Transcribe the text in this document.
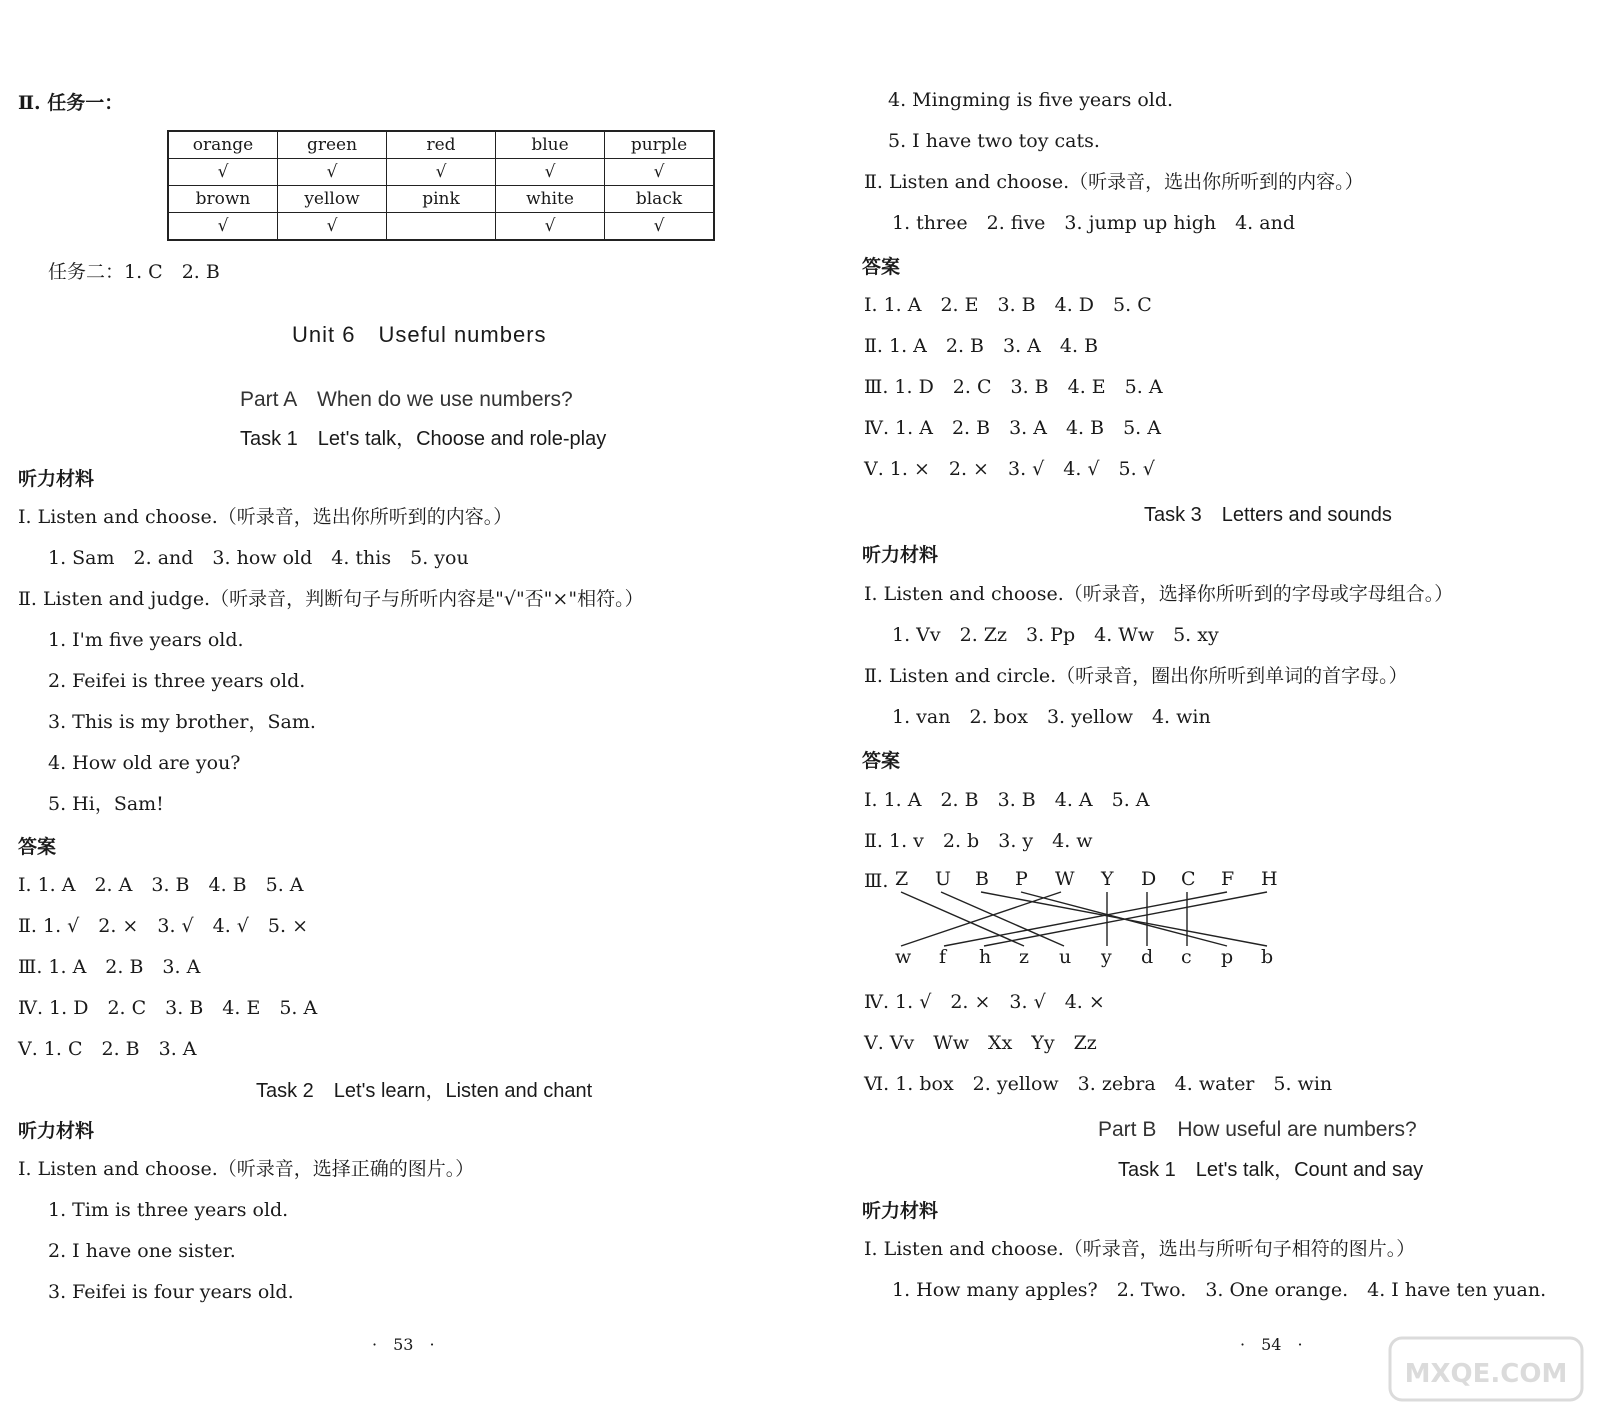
Ⅱ. 任务一：
orange	green	red	blue	purple
√	√	√	√	√
brown	yellow	pink	white	black
√	√		√	√
任务二：1. C　2. B
Unit 6　Useful numbers
Part A　When do we use numbers?
Task 1　Let's talk，Choose and role-play
听力材料
Ⅰ. Listen and choose.（听录音，选出你所听到的内容。）
1. Sam　2. and　3. how old　4. this　5. you
Ⅱ. Listen and judge.（听录音，判断句子与所听内容是"√"否"×"相符。）
1. I'm five years old.
2. Feifei is three years old.
3. This is my brother，Sam.
4. How old are you?
5. Hi，Sam!
答案
Ⅰ. 1. A　2. A　3. B　4. B　5. A
Ⅱ. 1. √　2. ×　3. √　4. √　5. ×
Ⅲ. 1. A　2. B　3. A
Ⅳ. 1. D　2. C　3. B　4. E　5. A
Ⅴ. 1. C　2. B　3. A
Task 2　Let's learn，Listen and chant
听力材料
Ⅰ. Listen and choose.（听录音，选择正确的图片。）
1. Tim is three years old.
2. I have one sister.
3. Feifei is four years old.
·　53　·
4. Mingming is five years old.
5. I have two toy cats.
Ⅱ. Listen and choose.（听录音，选出你所听到的内容。）
1. three　2. five　3. jump up high　4. and
答案
Ⅰ. 1. A　2. E　3. B　4. D　5. C
Ⅱ. 1. A　2. B　3. A　4. B
Ⅲ. 1. D　2. C　3. B　4. E　5. A
Ⅳ. 1. A　2. B　3. A　4. B　5. A
Ⅴ. 1. ×　2. ×　3. √　4. √　5. √
Task 3　Letters and sounds
听力材料
Ⅰ. Listen and choose.（听录音，选择你所听到的字母或字母组合。）
1. Vv　2. Zz　3. Pp　4. Ww　5. xy
Ⅱ. Listen and circle.（听录音，圈出你所听到单词的首字母。）
1. van　2. box　3. yellow　4. win
答案
Ⅰ. 1. A　2. B　3. B　4. A　5. A
Ⅱ. 1. v　2. b　3. y　4. w
Ⅲ. Z U B P W Y D C F H
w f h z u y d c p b
Ⅳ. 1. √　2. ×　3. √　4. ×
Ⅴ. Vv　Ww　Xx　Yy　Zz
Ⅵ. 1. box　2. yellow　3. zebra　4. water　5. win
Part B　How useful are numbers?
Task 1　Let's talk，Count and say
听力材料
Ⅰ. Listen and choose.（听录音，选出与所听句子相符的图片。）
1. How many apples?　2. Two.　3. One orange.　4. I have ten yuan.
·　54　·
MXQE.COM
